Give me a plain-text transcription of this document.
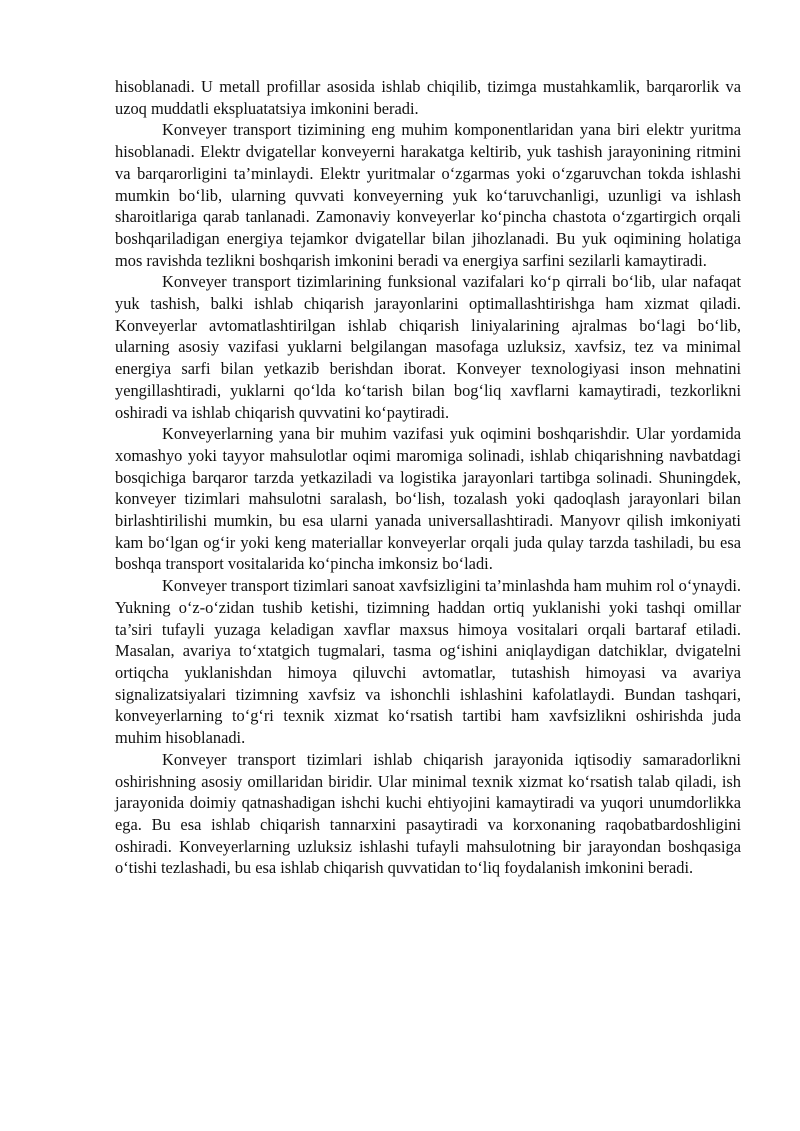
hisoblanadi. U metall profillar asosida ishlab chiqilib, tizimga mustahkamlik, barqarorlik va uzoq muddatli ekspluatatsiya imkonini beradi.

Konveyer transport tizimining eng muhim komponentlaridan yana biri elektr yuritma hisoblanadi. Elektr dvigatellar konveyerni harakatga keltirib, yuk tashish jarayonining ritmini va barqarorligini ta’minlaydi. Elektr yuritmalar o‘zgarmas yoki o‘zgaruvchan tokda ishlashi mumkin bo‘lib, ularning quvvati konveyerning yuk ko‘taruvchanligi, uzunligi va ishlash sharoitlariga qarab tanlanadi. Zamonaviy konveyerlar ko‘pincha chastota o‘zgartirgich orqali boshqariladigan energiya tejamkor dvigatellar bilan jihozlanadi. Bu yuk oqimining holatiga mos ravishda tezlikni boshqarish imkonini beradi va energiya sarfini sezilarli kamaytiradi.

Konveyer transport tizimlarining funksional vazifalari ko‘p qirrali bo‘lib, ular nafaqat yuk tashish, balki ishlab chiqarish jarayonlarini optimallashtirishga ham xizmat qiladi. Konveyerlar avtomatlashtirilgan ishlab chiqarish liniyalarining ajralmas bo‘lagi bo‘lib, ularning asosiy vazifasi yuklarni belgilangan masofaga uzluksiz, xavfsiz, tez va minimal energiya sarfi bilan yetkazib berishdan iborat. Konveyer texnologiyasi inson mehnatini yengillashtiradi, yuklarni qo‘lda ko‘tarish bilan bog‘liq xavflarni kamaytiradi, tezkorlikni oshiradi va ishlab chiqarish quvvatini ko‘paytiradi.

Konveyerlarning yana bir muhim vazifasi yuk oqimini boshqarishdir. Ular yordamida xomashyo yoki tayyor mahsulotlar oqimi maromiga solinadi, ishlab chiqarishning navbatdagi bosqichiga barqaror tarzda yetkaziladi va logistika jarayonlari tartibga solinadi. Shuningdek, konveyer tizimlari mahsulotni saralash, bo‘lish, tozalash yoki qadoqlash jarayonlari bilan birlashtirilishi mumkin, bu esa ularni yanada universallashtiradi. Manyovr qilish imkoniyati kam bo‘lgan og‘ir yoki keng materiallar konveyerlar orqali juda qulay tarzda tashiladi, bu esa boshqa transport vositalarida ko‘pincha imkonsiz bo‘ladi.

Konveyer transport tizimlari sanoat xavfsizligini ta’minlashda ham muhim rol o‘ynaydi. Yukning o‘z-o‘zidan tushib ketishi, tizimning haddan ortiq yuklanishi yoki tashqi omillar ta’siri tufayli yuzaga keladigan xavflar maxsus himoya vositalari orqali bartaraf etiladi. Masalan, avariya to‘xtatgich tugmalari, tasma og‘ishini aniqlaydigan datchiklar, dvigatelni ortiqcha yuklanishdan himoya qiluvchi avtomatlar, tutashish himoyasi va avariya signalizatsiyalari tizimning xavfsiz va ishonchli ishlashini kafolatlaydi. Bundan tashqari, konveyerlarning to‘g‘ri texnik xizmat ko‘rsatish tartibi ham xavfsizlikni oshirishda juda muhim hisoblanadi.

Konveyer transport tizimlari ishlab chiqarish jarayonida iqtisodiy samaradorlikni oshirishning asosiy omillaridan biridir. Ular minimal texnik xizmat ko‘rsatish talab qiladi, ish jarayonida doimiy qatnashadigan ishchi kuchi ehtiyojini kamaytiradi va yuqori unumdorlikka ega. Bu esa ishlab chiqarish tannarxini pasaytiradi va korxonaning raqobatbardoshligini oshiradi. Konveyerlarning uzluksiz ishlashi tufayli mahsulotning bir jarayondan boshqasiga o‘tishi tezlashadi, bu esa ishlab chiqarish quvvatidan to‘liq foydalanish imkonini beradi.
